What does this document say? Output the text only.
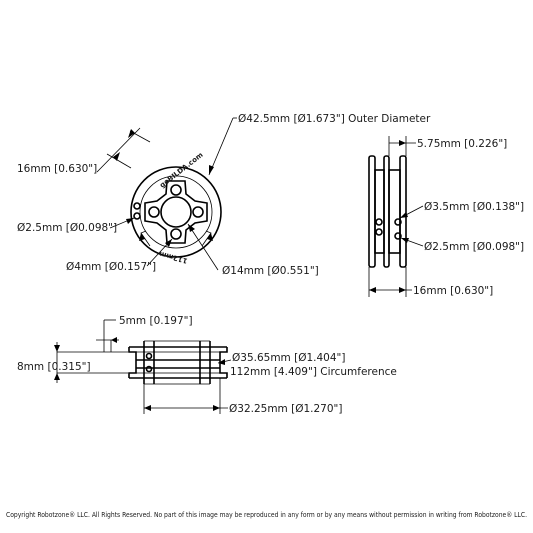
goBILDA.com
112mm
Ø42.5mm [Ø1.673"] Outer Diameter
16mm [0.630"]
Ø2.5mm [Ø0.098"]
Ø4mm [Ø0.157"]	Ø14mm [Ø0.551"]
5.75mm [0.226"]
Ø3.5mm [Ø0.138"]
Ø2.5mm [Ø0.098"]
16mm [0.630"]
5mm [0.197"]
8mm [0.315"]
Ø35.65mm [Ø1.404"]
112mm [4.409"] Circumference
Ø32.25mm [Ø1.270"]
Copyright Robotzone® LLC. All Rights Reserved. No part of this image may be reproduced in any form or by any means without permission in writing from Robotzone® LLC.
